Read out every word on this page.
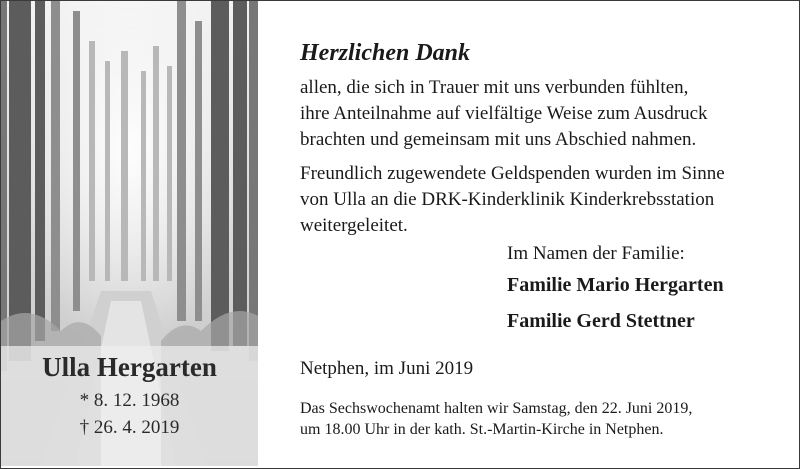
Ulla Hergarten
* 8. 12. 1968
† 26. 4. 2019
Herzlichen Dank
allen, die sich in Trauer mit uns verbunden fühlten,
ihre Anteilnahme auf vielfältige Weise zum Ausdruck
brachten und gemeinsam mit uns Abschied nahmen.
Freundlich zugewendete Geldspenden wurden im Sinne
von Ulla an die DRK-Kinderklinik Kinderkrebsstation
weitergeleitet.
Im Namen der Familie:
Familie Mario Hergarten
Familie Gerd Stettner
Netphen, im Juni 2019
Das Sechswochenamt halten wir Samstag, den 22. Juni 2019,
um 18.00 Uhr in der kath. St.-Martin-Kirche in Netphen.
